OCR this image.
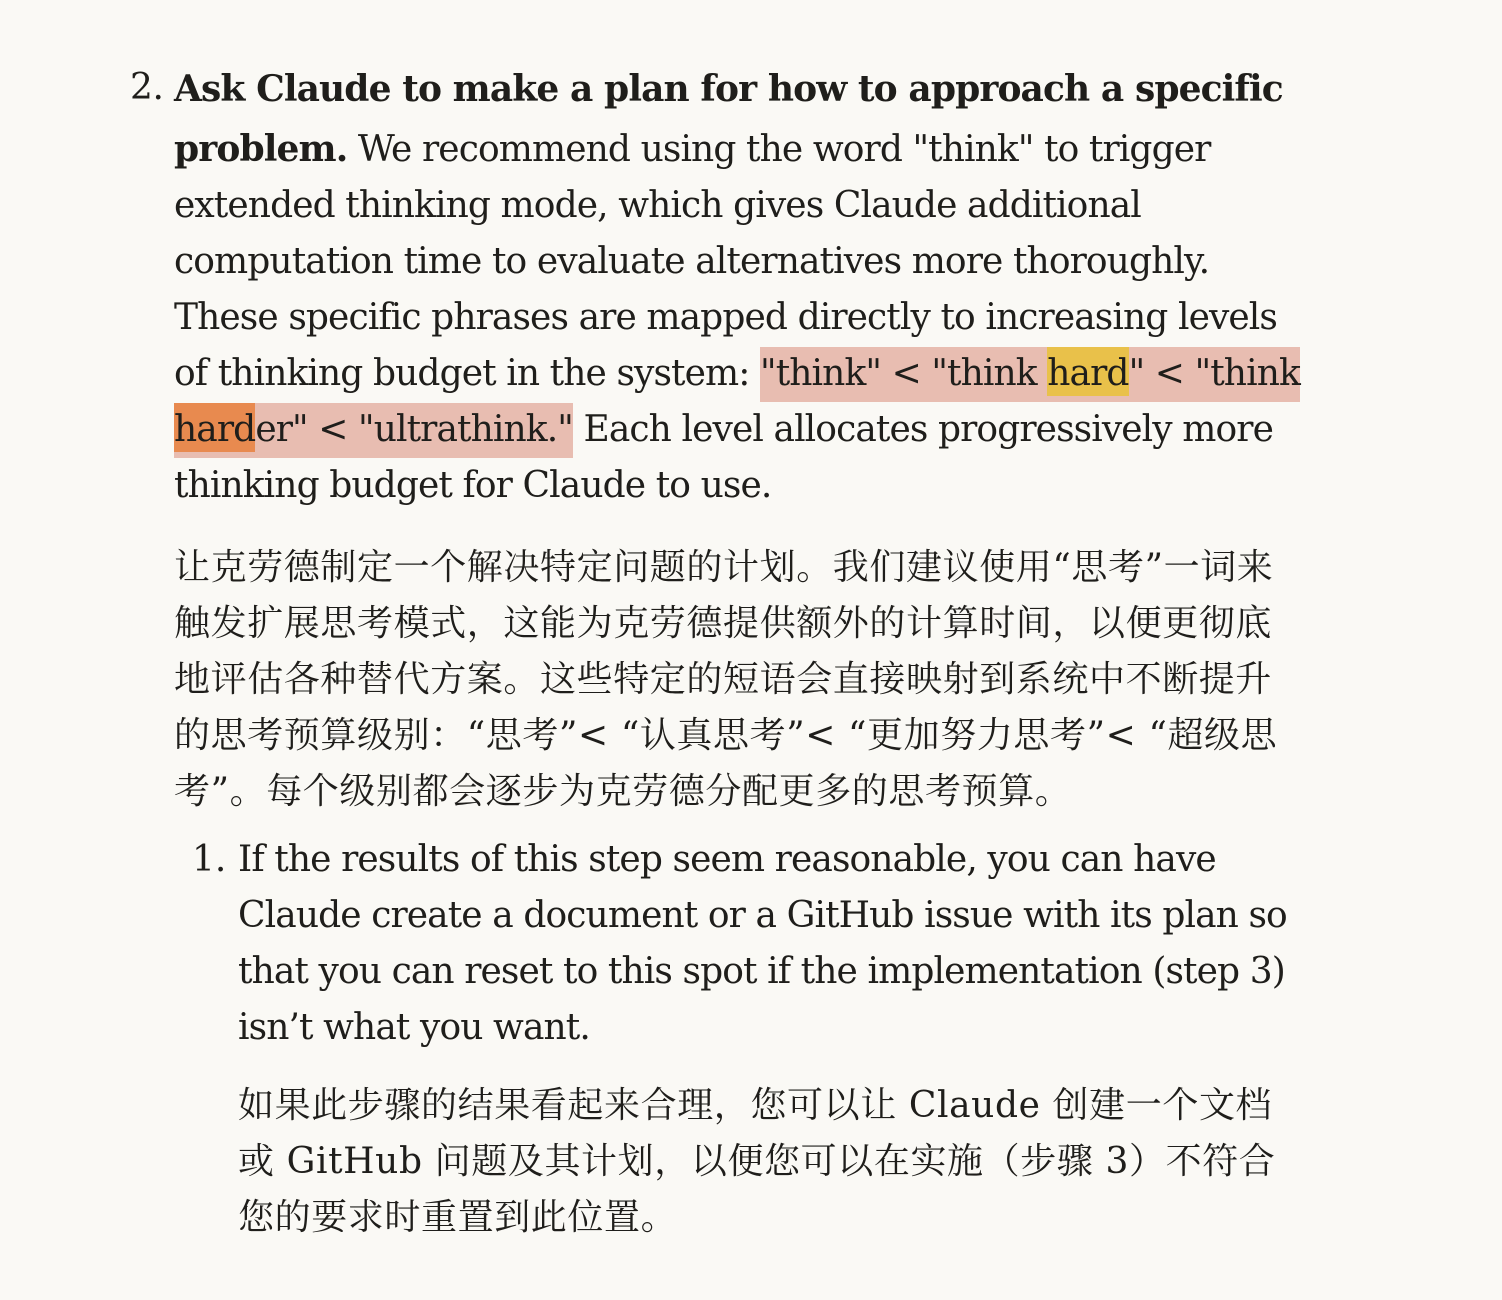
2. Ask Claude to make a plan for how to approach a specific
problem. We recommend using the word "think" to trigger
extended thinking mode, which gives Claude additional
computation time to evaluate alternatives more thoroughly.
These specific phrases are mapped directly to increasing levels
of thinking budget in the system: "think" < "think hard" < "think
harder" < "ultrathink." Each level allocates progressively more
thinking budget for Claude to use.
让克劳德制定一个解决特定问题的计划。我们建议使用“思考”一词来
触发扩展思考模式，这能为克劳德提供额外的计算时间，以便更彻底
地评估各种替代方案。这些特定的短语会直接映射到系统中不断提升
的思考预算级别：“思考”< “认真思考”< “更加努力思考”< “超级思
考”。每个级别都会逐步为克劳德分配更多的思考预算。
1. If the results of this step seem reasonable, you can have
Claude create a document or a GitHub issue with its plan so
that you can reset to this spot if the implementation (step 3)
isn’t what you want.
如果此步骤的结果看起来合理，您可以让 Claude 创建一个文档
或 GitHub 问题及其计划，以便您可以在实施（步骤 3）不符合
您的要求时重置到此位置。
